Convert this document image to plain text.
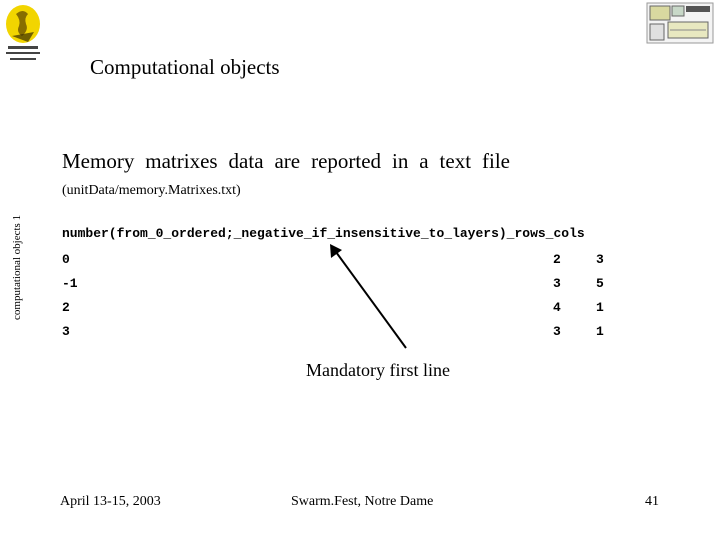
Computational objects
computational objects 1
Memory matrixes data are reported in a text file (unitData/memory.Matrixes.txt)
number(from_0_ordered;_negative_if_insensitive_to_layers)_rows_cols
0	2	3
-1	3	5
2	4	1
3	3	1
Mandatory first line
April 13-15, 2003	Swarm.Fest, Notre Dame	41
